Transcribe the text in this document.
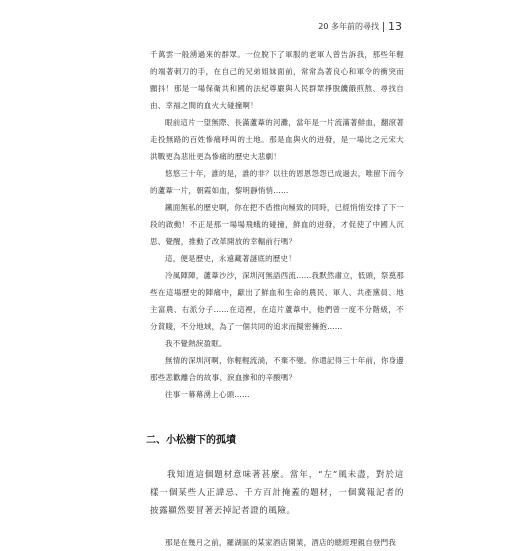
20 多年前的尋找 13

千萬雲一般湧過來的群眾。一位脫下了軍服的老軍人曾告訴我，那些年輕的端著刺刀的手，在自己的兄弟姐妹面前，常常為著良心和軍令的衝突而顫抖！那是一場保衛共和國的法紀尊嚴與人民群眾掙脫饑餓煎熬、尋找自由、幸福之間的血火大碰撞啊！

眼前這片一望無際、長滿蘆葦的河灘，當年是一片流滿著鮮血，翻滾著走投無路的百姓慘痛呼叫的土地。那是血與火的迸發，是一場比之元宋大洪戰更為悲壯更為慘痛的歷史大悲劇！

悠悠三十年，誰的是，誰的非？以往的恩恩怨怨已成過去，唯留下而今的蘆葦一片，朝霞如血，黎明靜悄悄……

鐵面無私的歷史啊，你在把不盾推向極致的同時，已經悄悄安排了下一段的啟動！不正是那一場場飛蛾的碰撞，鮮血的迸發，才促使了中國人沉思、覺醒，推動了改革開放的幸輻前行嗎？

這，便是歷史，永遠藏著謎底的歷史！

冷風陣陣，蘆葦沙沙，深圳河無語西流……我默然肅立，低頭，祭奠那些在這場歷史的陣痛中，獻出了鮮血和生命的農民、軍人、共產黨員、地主富農、右派分子……在這裡，在這片蘆葦中，他們曾一度不分階級，不分貧賤，不分地域，為了一個共同的追求而擬密擁抱……

我不覺熱淚盈眶。

無情的深圳河啊，你輕輕流淌，不棄不變。你還記得三十年前，你身邊那些悲歡離合的故事、淚血摻和的辛酸嗎？

往事一幕幕湧上心頭……

二、小松樹下的孤墳

我知道這個題材意味著甚麼。當年，“左”風未盡，對於這樣一個某些人正諱忌、千方百計掩蓋的題材，一個冀報記者的披露顯然要冒著丟掉記者證的風險。

那是在幾月之前，羅湖區的某家酒店開業，酒店的總經理親自登門我
